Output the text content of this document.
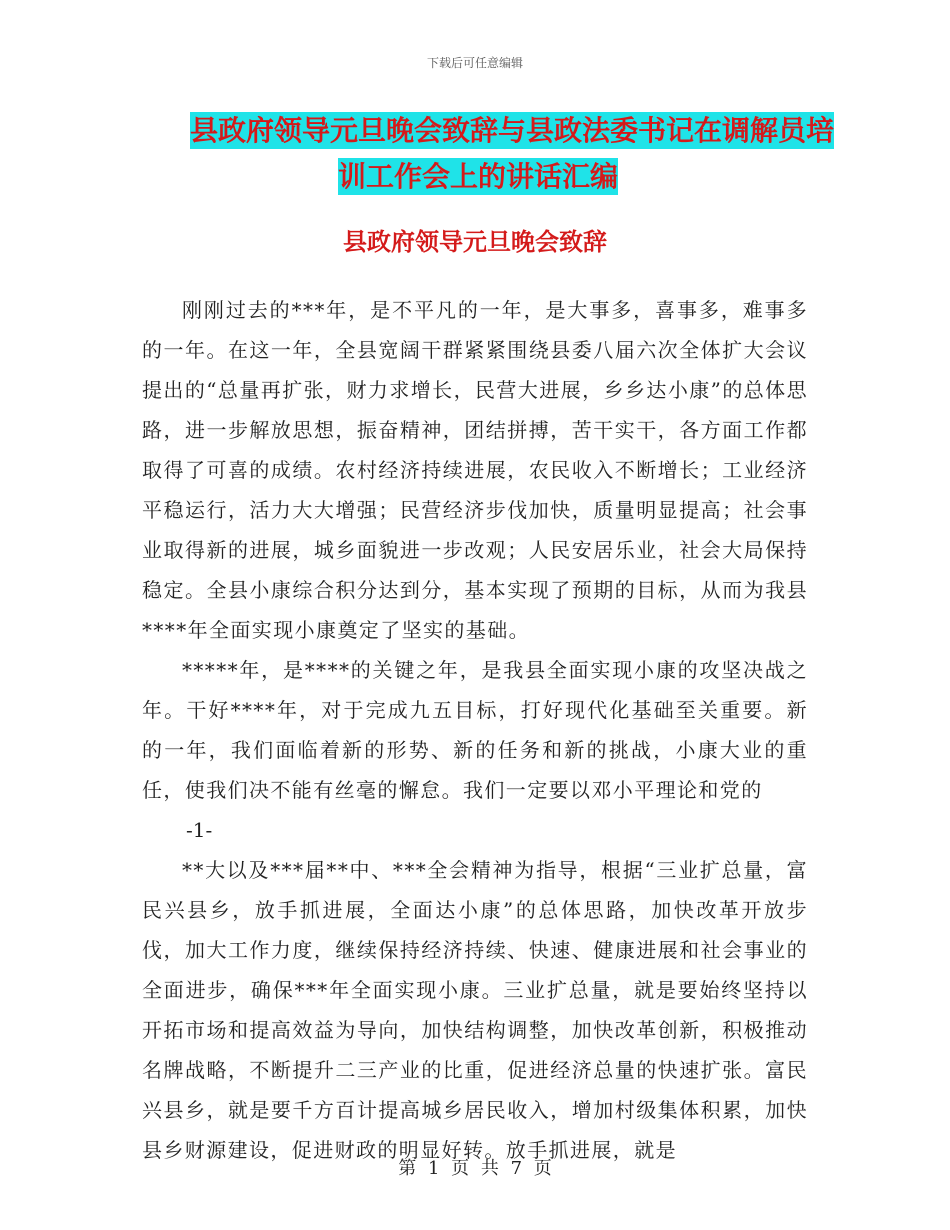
下载后可任意编辑
县政府领导元旦晚会致辞与县政法委书记在调解员培
训工作会上的讲话汇编
县政府领导元旦晚会致辞

刚刚过去的***年，是不平凡的一年，是大事多，喜事多，难事多的一年。在这一年，全县宽阔干群紧紧围绕县委八届六次全体扩大会议提出的“总量再扩张，财力求增长，民营大进展，乡乡达小康”的总体思路，进一步解放思想，振奋精神，团结拼搏，苦干实干，各方面工作都取得了可喜的成绩。农村经济持续进展，农民收入不断增长；工业经济平稳运行，活力大大增强；民营经济步伐加快，质量明显提高；社会事业取得新的进展，城乡面貌进一步改观；人民安居乐业，社会大局保持稳定。全县小康综合积分达到分，基本实现了预期的目标，从而为我县****年全面实现小康奠定了坚实的基础。

*****年，是****的关键之年，是我县全面实现小康的攻坚决战之年。干好****年，对于完成九五目标，打好现代化基础至关重要。新的一年，我们面临着新的形势、新的任务和新的挑战，小康大业的重任，使我们决不能有丝毫的懈怠。我们一定要以邓小平理论和党的

-1-

**大以及***届**中、***全会精神为指导，根据“三业扩总量，富民兴县乡，放手抓进展，全面达小康”的总体思路，加快改革开放步伐，加大工作力度，继续保持经济持续、快速、健康进展和社会事业的全面进步，确保***年全面实现小康。三业扩总量，就是要始终坚持以开拓市场和提高效益为导向，加快结构调整，加快改革创新，积极推动名牌战略，不断提升二三产业的比重，促进经济总量的快速扩张。富民兴县乡，就是要千方百计提高城乡居民收入，增加村级集体积累，加快县乡财源建设，促进财政的明显好转。放手抓进展，就是

第 1 页 共 7 页
